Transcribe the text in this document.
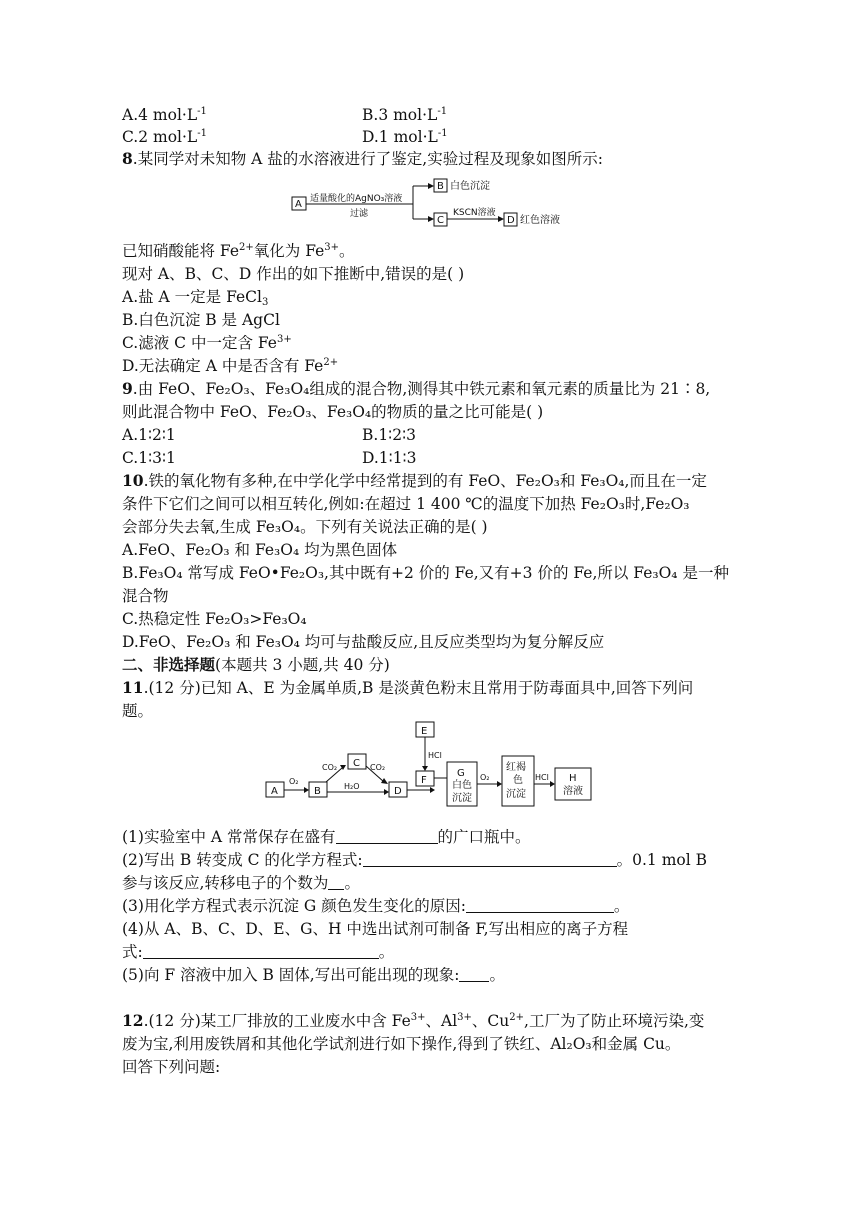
A.4 $mol\cdot L^{-1}$	B.3 $mol\cdot L^{-1}$
C.2 $mol\cdot L^{-1}$	D.1 $mol\cdot L^{-1}$
8.某同学对未知物 A 盐的水溶液进行了鉴定,实验过程及现象如图所示:
A 适量酸化的AgNO₃溶液
过滤
B 白色沉淀
C
KSCN溶液
D 红色溶液
已知硝酸能将 $Fe^{2+}$氧化为 $Fe^{3+}$。
现对 A、B、C、D 作出的如下推断中,错误的是( )
A.盐 A 一定是 FeCl$_3$
B.白色沉淀 B 是 AgCl
C.滤液 C 中一定含 $Fe^{3+}$
D.无法确定 A 中是否含有 $Fe^{2+}$
9.由 FeO、Fe₂O₃、Fe₃O₄组成的混合物,测得其中铁元素和氧元素的质量比为 21∶8,
则此混合物中 FeO、Fe₂O₃、Fe₃O₄的物质的量之比可能是( )
A.1∶2∶1	B.1∶2∶3
C.1∶3∶1	D.1∶1∶3
10.铁的氧化物有多种,在中学化学中经常提到的有 FeO、Fe₂O₃和 Fe₃O₄,而且在一定
条件下它们之间可以相互转化,例如:在超过 1 400 ℃的温度下加热 Fe₂O₃时,Fe₂O₃
会部分失去氧,生成 Fe₃O₄。下列有关说法正确的是( )
A.FeO、Fe₂O₃ 和 Fe₃O₄ 均为黑色固体
B.Fe₃O₄ 常写成 FeO•Fe₂O₃,其中既有+2 价的 Fe,又有+3 价的 Fe,所以 Fe₃O₄ 是一种
混合物
C.热稳定性 Fe₂O₃>Fe₃O₄
D.FeO、Fe₂O₃ 和 Fe₃O₄ 均可与盐酸反应,且反应类型均为复分解反应
二、非选择题(本题共 3 小题,共 40 分)
11.(12 分)已知 A、E 为金属单质,B 是淡黄色粉末且常用于防毒面具中,回答下列问
题。
A
O₂
B
CO₂ C CO₂
H₂O	D
E
HCl
F
G
白色
沉淀
O₂
红褐
色
沉淀
HCl H
溶液
(1)实验室中 A 常常保存在盛有	的广口瓶中。
(2)写出 B 转变成 C 的化学方程式:	。0.1 mol B
参与该反应,转移电子的个数为 。
(3)用化学方程式表示沉淀 G 颜色发生变化的原因:	。
(4)从 A、B、C、D、E、G、H 中选出试剂可制备 F,写出相应的离子方程
式:	。
(5)向 F 溶液中加入 B 固体,写出可能出现的现象: 。
12.(12 分)某工厂排放的工业废水中含 $Fe^{3+}$、$Al^{3+}$、$Cu^{2+}$,工厂为了防止环境污染,变
废为宝,利用废铁屑和其他化学试剂进行如下操作,得到了铁红、Al₂O₃和金属 Cu。
回答下列问题:
